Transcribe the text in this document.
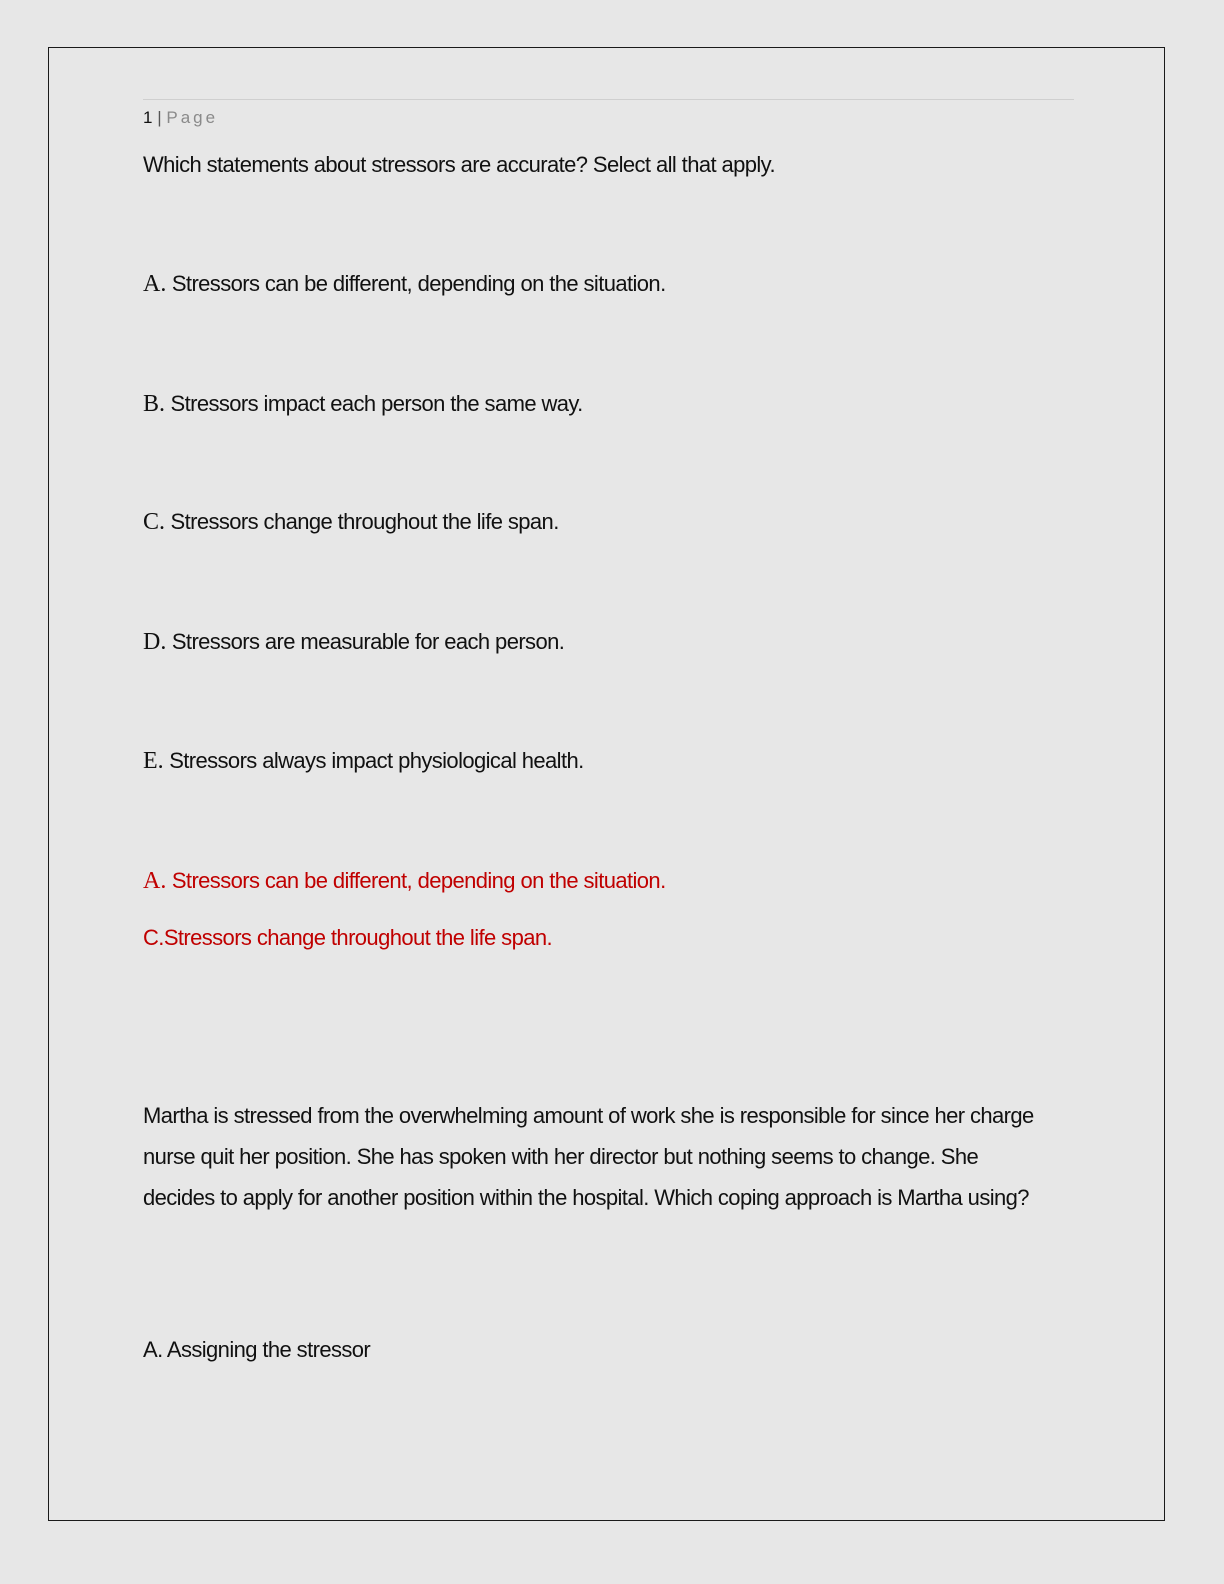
1 | Page
Which statements about stressors are accurate? Select all that apply.
A. Stressors can be different, depending on the situation.
B. Stressors impact each person the same way.
C. Stressors change throughout the life span.
D. Stressors are measurable for each person.
E. Stressors always impact physiological health.
A. Stressors can be different, depending on the situation.
C.Stressors change throughout the life span.
Martha is stressed from the overwhelming amount of work she is responsible for since her charge nurse quit her position. She has spoken with her director but nothing seems to change. She decides to apply for another position within the hospital. Which coping approach is Martha using?
A. Assigning the stressor
